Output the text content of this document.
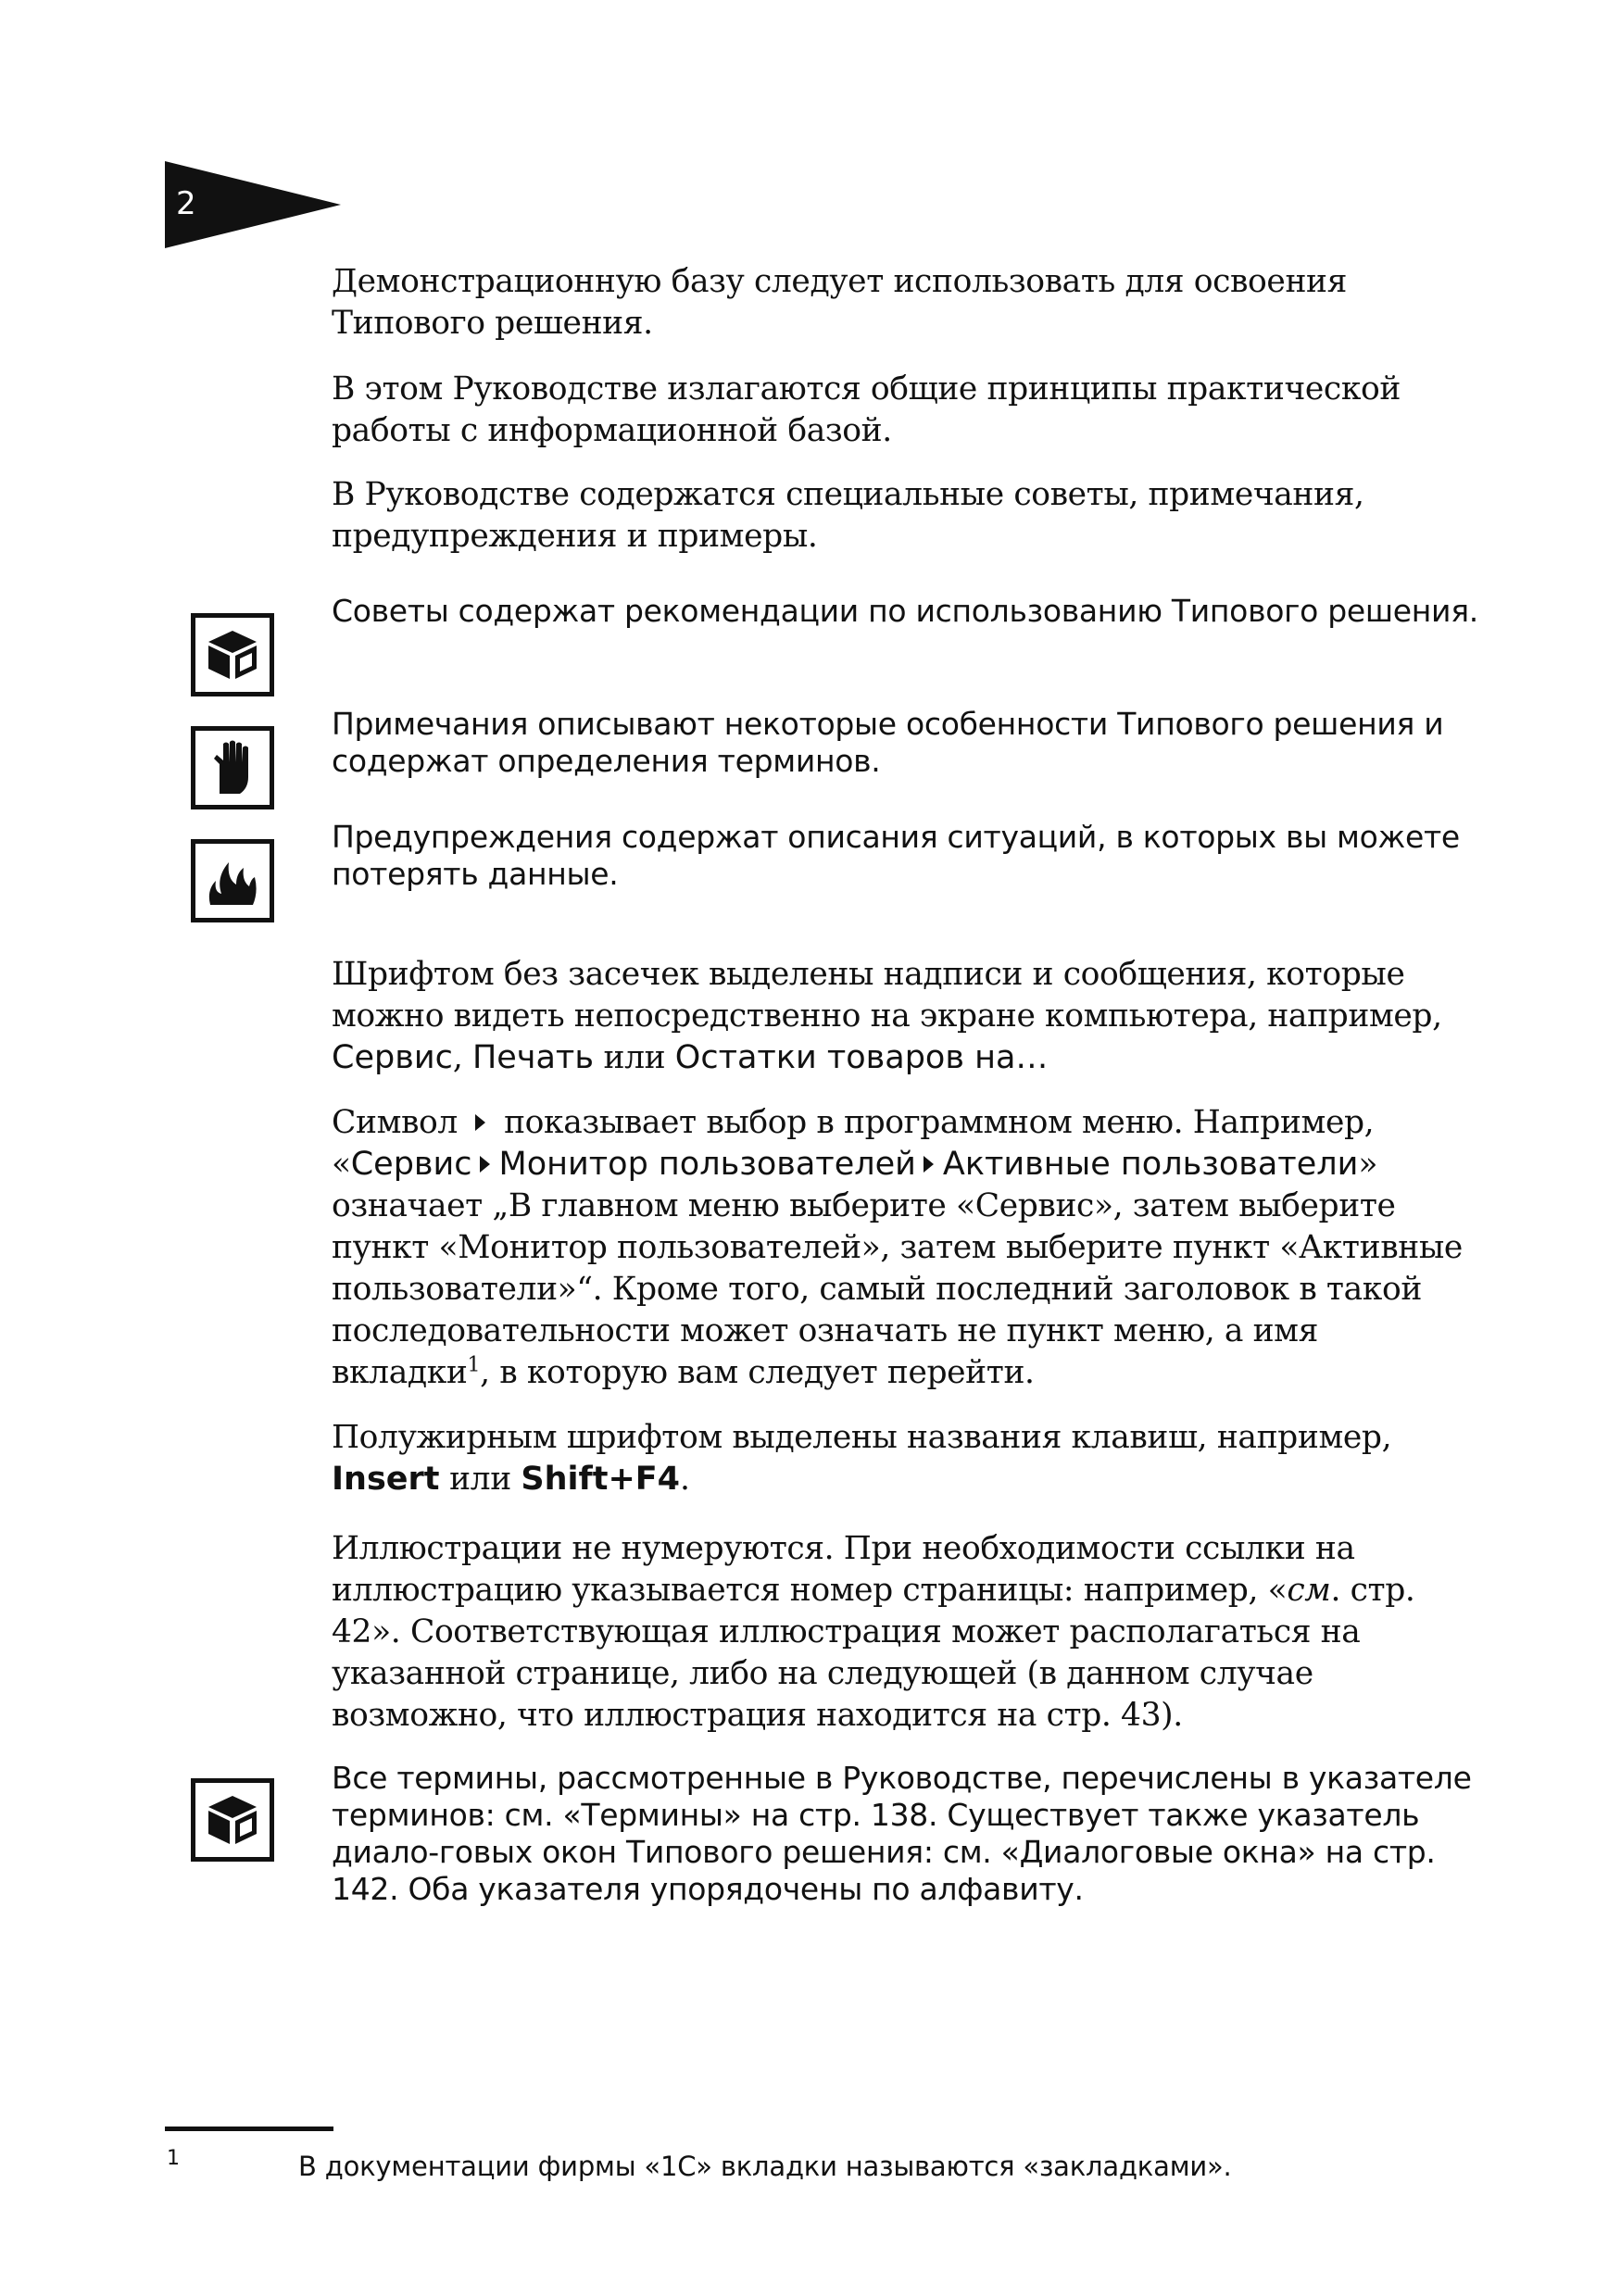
2

Демонстрационную базу следует использовать для освоения Типового решения.

В этом Руководстве излагаются общие принципы практической работы с информационной базой.

В Руководстве содержатся специальные советы, примечания, предупреждения и примеры.

Советы содержат рекомендации по использованию Типового решения.

Примечания описывают некоторые особенности Типового решения и содержат определения терминов.

Предупреждения содержат описания ситуаций, в которых вы можете потерять данные.

Шрифтом без засечек выделены надписи и сообщения, которые можно видеть непосредственно на экране компьютера, например, Сервис, Печать или Остатки товаров на…

Символ  показывает выбор в программном меню. Например, «Сервис Монитор пользователей Активные пользователи» означает „В главном меню выберите «Сервис», затем выберите пункт «Монитор пользователей», затем выберите пункт «Активные пользователи»“. Кроме того, самый последний заголовок в такой последовательности может означать не пункт меню, а имя вкладки$^1$, в которую вам следует перейти.

Полужирным шрифтом выделены названия клавиш, например, Insert или Shift+F4.

Иллюстрации не нумеруются. При необходимости ссылки на иллюстрацию указывается номер страницы: например, «см. стр. 42». Соответствующая иллюстрация может располагаться на указанной странице, либо на следующей (в данном случае возможно, что иллюстрация находится на стр. 43).

Все термины, рассмотренные в Руководстве, перечислены в указателе терминов: см. «Термины» на стр. 138. Существует также указатель диало-говых окон Типового решения: см. «Диалоговые окна» на стр. 142. Оба указателя упорядочены по алфавиту.

1	В документации фирмы «1С» вкладки называются «закладками».
